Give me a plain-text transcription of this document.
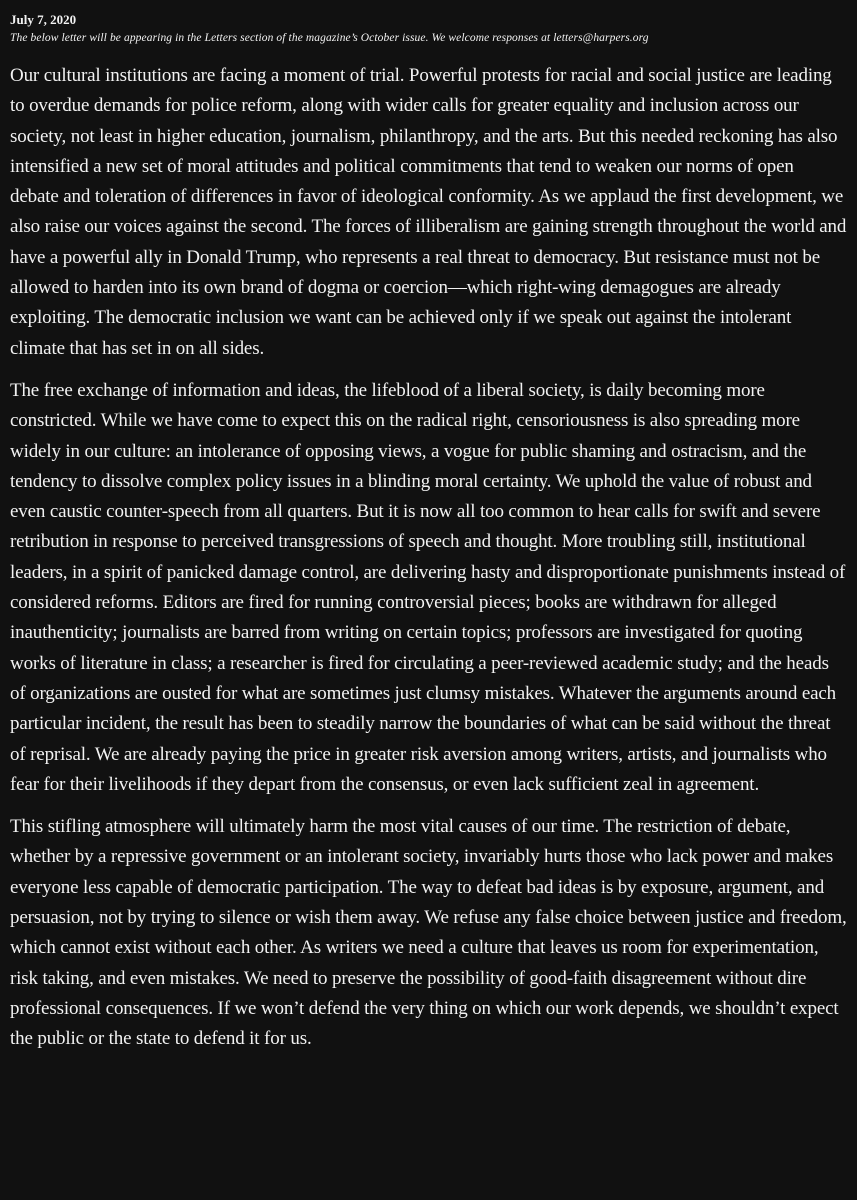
July 7, 2020
The below letter will be appearing in the Letters section of the magazine’s October issue. We welcome responses at letters@harpers.org

Our cultural institutions are facing a moment of trial. Powerful protests for racial and social justice are leading to overdue demands for police reform, along with wider calls for greater equality and inclusion across our society, not least in higher education, journalism, philanthropy, and the arts. But this needed reckoning has also intensified a new set of moral attitudes and political commitments that tend to weaken our norms of open debate and toleration of differences in favor of ideological conformity. As we applaud the first development, we also raise our voices against the second. The forces of illiberalism are gaining strength throughout the world and have a powerful ally in Donald Trump, who represents a real threat to democracy. But resistance must not be allowed to harden into its own brand of dogma or coercion—which right-wing demagogues are already exploiting. The democratic inclusion we want can be achieved only if we speak out against the intolerant climate that has set in on all sides.

The free exchange of information and ideas, the lifeblood of a liberal society, is daily becoming more constricted. While we have come to expect this on the radical right, censoriousness is also spreading more widely in our culture: an intolerance of opposing views, a vogue for public shaming and ostracism, and the tendency to dissolve complex policy issues in a blinding moral certainty. We uphold the value of robust and even caustic counter-speech from all quarters. But it is now all too common to hear calls for swift and severe retribution in response to perceived transgressions of speech and thought. More troubling still, institutional leaders, in a spirit of panicked damage control, are delivering hasty and disproportionate punishments instead of considered reforms. Editors are fired for running controversial pieces; books are withdrawn for alleged inauthenticity; journalists are barred from writing on certain topics; professors are investigated for quoting works of literature in class; a researcher is fired for circulating a peer-reviewed academic study; and the heads of organizations are ousted for what are sometimes just clumsy mistakes. Whatever the arguments around each particular incident, the result has been to steadily narrow the boundaries of what can be said without the threat of reprisal. We are already paying the price in greater risk aversion among writers, artists, and journalists who fear for their livelihoods if they depart from the consensus, or even lack sufficient zeal in agreement.

This stifling atmosphere will ultimately harm the most vital causes of our time. The restriction of debate, whether by a repressive government or an intolerant society, invariably hurts those who lack power and makes everyone less capable of democratic participation. The way to defeat bad ideas is by exposure, argument, and persuasion, not by trying to silence or wish them away. We refuse any false choice between justice and freedom, which cannot exist without each other. As writers we need a culture that leaves us room for experimentation, risk taking, and even mistakes. We need to preserve the possibility of good-faith disagreement without dire professional consequences. If we won’t defend the very thing on which our work depends, we shouldn’t expect the public or the state to defend it for us.
